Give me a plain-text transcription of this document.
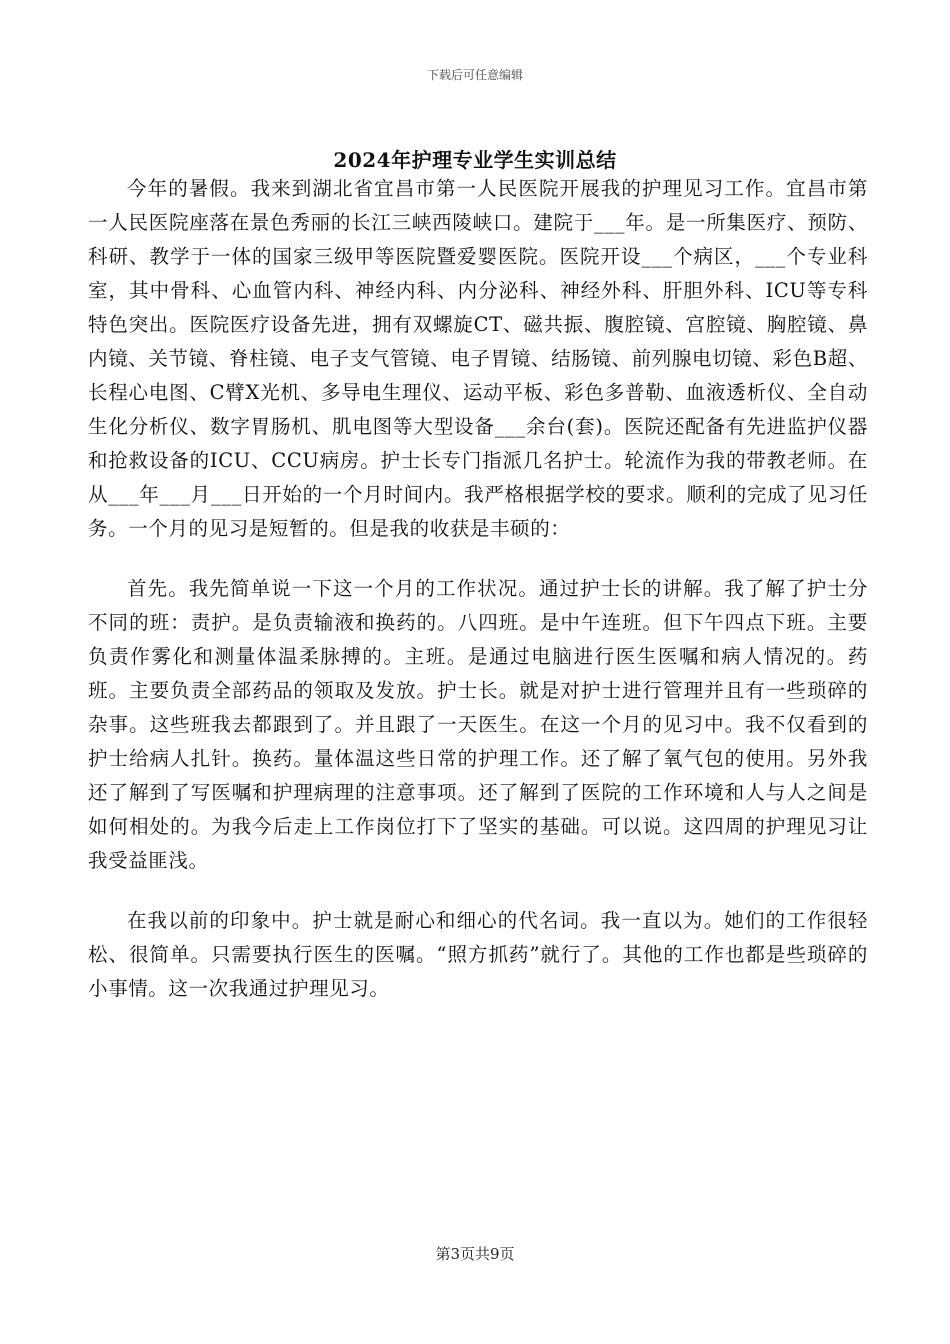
下载后可任意编辑
2024年护理专业学生实训总结

今年的暑假。我来到湖北省宜昌市第一人民医院开展我的护理见习工作。宜昌市第一人民医院座落在景色秀丽的长江三峡西陵峡口。建院于___年。是一所集医疗、预防、科研、教学于一体的国家三级甲等医院暨爱婴医院。医院开设___个病区，___个专业科室，其中骨科、心血管内科、神经内科、内分泌科、神经外科、肝胆外科、ICU等专科特色突出。医院医疗设备先进，拥有双螺旋CT、磁共振、腹腔镜、宫腔镜、胸腔镜、鼻内镜、关节镜、脊柱镜、电子支气管镜、电子胃镜、结肠镜、前列腺电切镜、彩色B超、长程心电图、C臂X光机、多导电生理仪、运动平板、彩色多普勒、血液透析仪、全自动生化分析仪、数字胃肠机、肌电图等大型设备___余台(套)。医院还配备有先进监护仪器和抢救设备的ICU、CCU病房。护士长专门指派几名护士。轮流作为我的带教老师。在从___年___月___日开始的一个月时间内。我严格根据学校的要求。顺利的完成了见习任务。一个月的见习是短暂的。但是我的收获是丰硕的：

首先。我先简单说一下这一个月的工作状况。通过护士长的讲解。我了解了护士分不同的班：责护。是负责输液和换药的。八四班。是中午连班。但下午四点下班。主要负责作雾化和测量体温柔脉搏的。主班。是通过电脑进行医生医嘱和病人情况的。药班。主要负责全部药品的领取及发放。护士长。就是对护士进行管理并且有一些琐碎的杂事。这些班我去都跟到了。并且跟了一天医生。在这一个月的见习中。我不仅看到的护士给病人扎针。换药。量体温这些日常的护理工作。还了解了氧气包的使用。另外我还了解到了写医嘱和护理病理的注意事项。还了解到了医院的工作环境和人与人之间是如何相处的。为我今后走上工作岗位打下了坚实的基础。可以说。这四周的护理见习让我受益匪浅。

在我以前的印象中。护士就是耐心和细心的代名词。我一直以为。她们的工作很轻松、很简单。只需要执行医生的医嘱。“照方抓药”就行了。其他的工作也都是些琐碎的小事情。这一次我通过护理见习。

第3页共9页
